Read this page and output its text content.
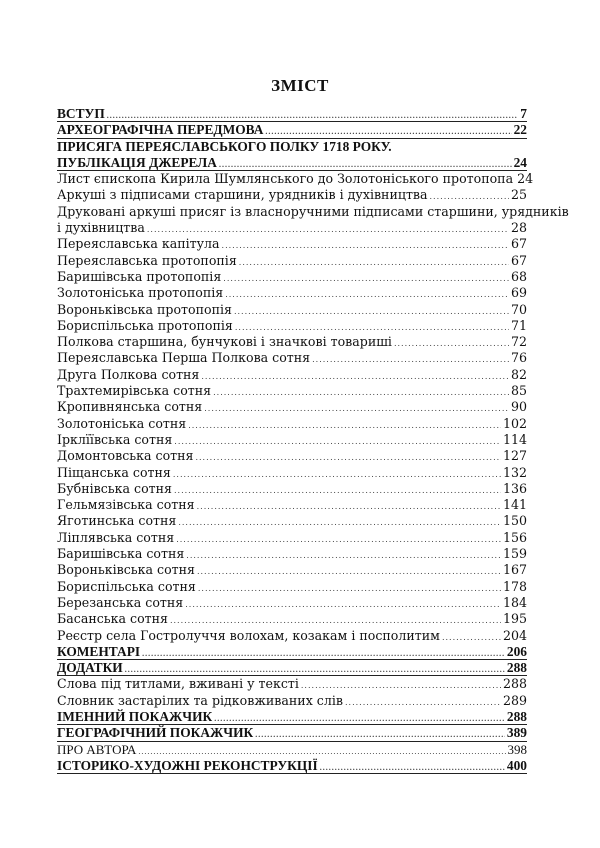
ЗМІСТ
ВСТУП .....	7
АРХЕОГРАФІЧНА ПЕРЕДМОВА .....	22
ПРИСЯГА ПЕРЕЯСЛАВСЬКОГО ПОЛКУ 1718 РОКУ.
ПУБЛІКАЦІЯ ДЖЕРЕЛА .....	24
Лист єпископа Кирила Шумлянського до Золотоніського протопопа 24
Аркуші з підписами старшини, урядників і духівництва .....	25
Друковані аркуші присяг із власноручними підписами старшини, урядників
і духівництва .....	28
Переяславська капітула .....	67
Переяславська протопопія .....	67
Баришівська протопопія .....	68
Золотоніська протопопія .....	69
Вороньківська протопопія .....	70
Бориспільська протопопія .....	71
Полкова старшина, бунчукові і значкові товариші .....	72
Переяславська Перша Полкова сотня .....	76
Друга Полкова сотня .....	82
Трахтемирівська сотня .....	85
Кропивнянська сотня .....	90
Золотоніська сотня .....	102
Ірклїївська сотня .....	114
Домонтовська сотня .....	127
Піщанська сотня .....	132
Бубнівська сотня .....	136
Гельмязівська сотня .....	141
Яготинська сотня .....	150
Ліплявська сотня .....	156
Баришівська сотня .....	159
Вороньківська сотня .....	167
Бориспільська сотня .....	178
Березанська сотня .....	184
Басанська сотня .....	195
Реєстр села Гостролуччя волохам, козакам і посполитим .....	204
КОМЕНТАРІ .....	206
ДОДАТКИ .....	288
Слова під титлами, вживані у тексті .....	288
Словник застарілих та рідковживаних слів .....	289
ІМЕННИЙ ПОКАЖЧИК .....	288
ГЕОГРАФІЧНИЙ ПОКАЖЧИК .....	389
ПРО АВТОРА .....	398
ІСТОРИКО-ХУДОЖНІ РЕКОНСТРУКЦІЇ .....	400
